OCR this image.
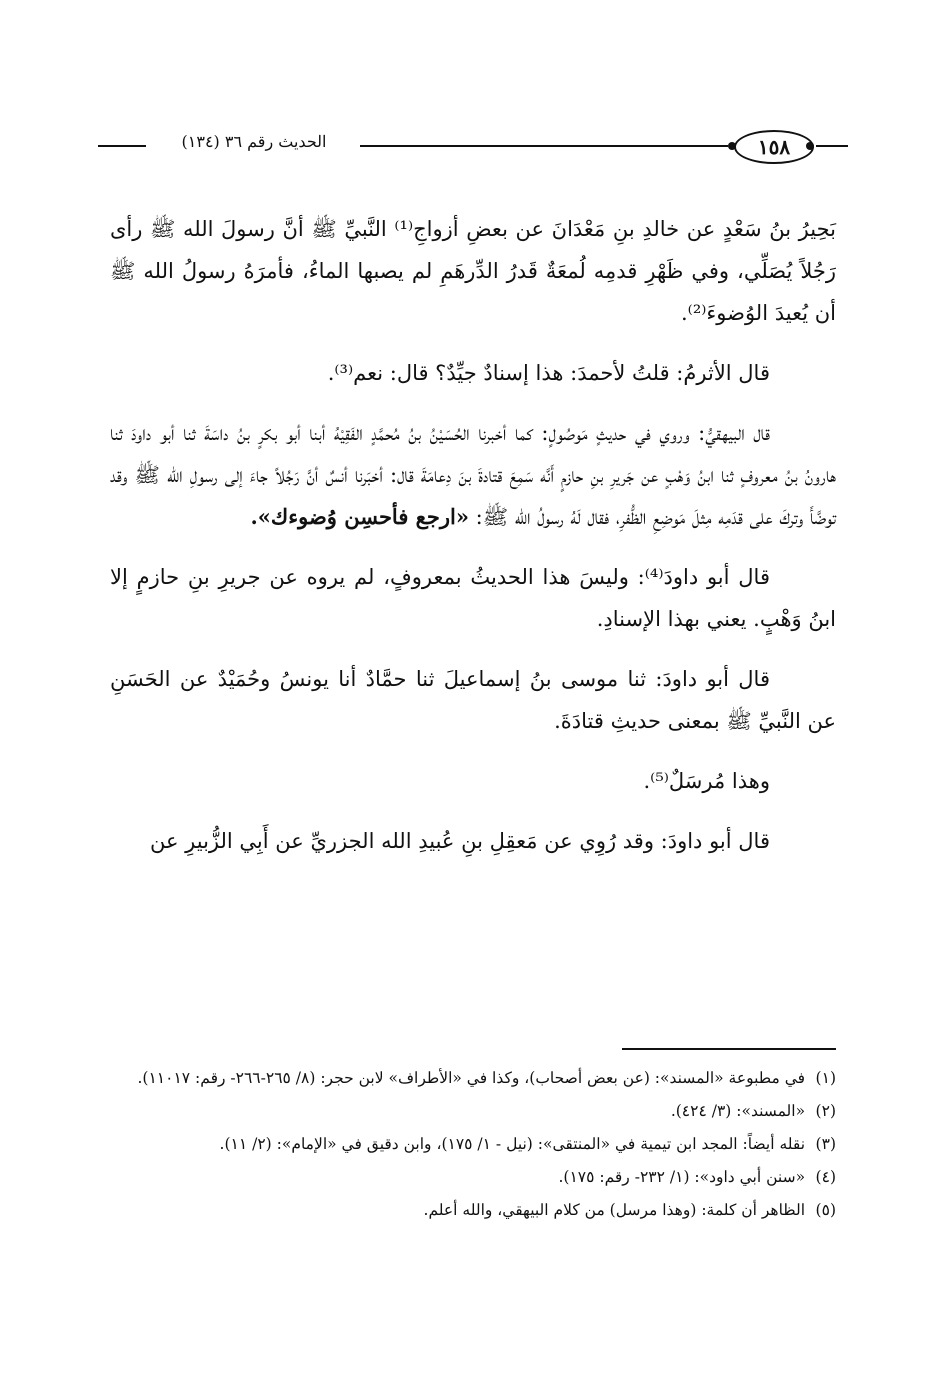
الحديث رقم ٣٦ (١٣٤)	١٥٨

بَحِيرُ بنُ سَعْدٍ عن خالدِ بنِ مَعْدَانَ عن بعضِ أزواجِ⁽¹⁾ النَّبيِّ ﷺ أنَّ رسولَ الله ﷺ رأى رَجُلاً يُصَلِّي، وفي ظَهْرِ قدمِه لُمعَةٌ قَدرُ الدِّرهَمِ لم يصبها الماءُ، فأمرَهُ رسولُ الله ﷺ أن يُعيدَ الوُضوءَ⁽²⁾.

قال الأثرمُ: قلتُ لأحمدَ: هذا إسنادٌ جيِّدٌ؟ قال: نعم⁽³⁾.

قال البيهقيُّ: وروي في حديثٍ مَوصُولٍ: كما أخبرنا الحُسَيْنُ بنُ مُحمَّدٍ الفَقِيْهُ أبنا أبو بكرٍ بنُ داسَةَ ثنا أبو داودَ ثنا هارونُ بنُ معروفٍ ثنا ابنُ وَهْبٍ عن جَريرِ بنِ حازمٍ أَنَّه سَمِعَ قتادةَ بنَ دِعامَةَ قال: أخبَرنا أنسٌ أنَّ رَجُلاً جاءَ إلى رسولِ الله ﷺ وقد توضَّأَ وتركَ على قدَمِه مِثلَ مَوضِعِ الظُّفرِ، فقال لَهُ رسولُ الله ﷺ: «ارجع فأحسِن وُضوءك».

قال أبو داودَ⁽⁴⁾: وليسَ هذا الحديثُ بمعروفٍ، لم يروه عن جريرِ بنِ حازمٍ إلا ابنُ وَهْبٍ. يعني بهذا الإسنادِ.

قال أبو داودَ: ثنا موسى بنُ إسماعيلَ ثنا حمَّادٌ أنا يونسُ وحُمَيْدٌ عن الحَسَنِ عن النَّبيِّ ﷺ بمعنى حديثِ قتادَةَ.

وهذا مُرسَلٌ⁽⁵⁾.

قال أبو داودَ: وقد رُوِي عن مَعقِلِ بنِ عُبيدِ الله الجزريِّ عن أَبِي الزُّبيرِ عن

(١) في مطبوعة «المسند»: (عن بعض أصحاب)، وكذا في «الأطراف» لابن حجر: (٨/ ٢٦٥-٢٦٦- رقم: ١١٠١٧).
(٢) «المسند»: (٣/ ٤٢٤).
(٣) نقله أيضاً: المجد ابن تيمية في «المنتقى»: (نيل - ١/ ١٧٥)، وابن دقيق في «الإمام»: (٢/ ١١).
(٤) «سنن أبي داود»: (١/ ٢٣٢- رقم: ١٧٥).
(٥) الظاهر أن كلمة: (وهذا مرسل) من كلام البيهقي، والله أعلم.
